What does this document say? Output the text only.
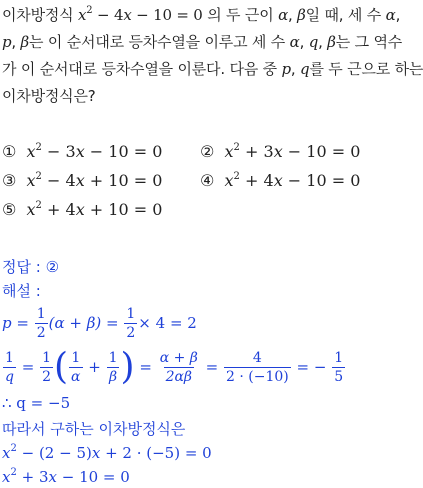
이차방정식 $x^2 - 4x - 10 = 0$ 의 두 근이 α, β일 때, 세 수 α,
p, β는 이 순서대로 등차수열을 이루고 세 수 α, q, β는 그 역수
가 이 순서대로 등차수열을 이룬다. 다음 중 p, q를 두 근으로 하는
이차방정식은?
① $x^2 - 3x - 10 = 0$ ② $x^2 + 3x - 10 = 0$
③ $x^2 - 4x + 10 = 0$ ④ $x^2 + 4x - 10 = 0$
⑤ $x^2 + 4x + 10 = 0$
정답 : ②
해설 :
$p = \frac{1}{2} (\alpha + \beta) = \frac{1}{2} \times 4 = 2$
$\frac{1}{q} = \frac{1}{2}$ ( $\frac{1}{\alpha} + \frac{1}{\beta}$ ) = $\frac{\alpha + \beta}{2\alpha\beta} = \frac{4}{2 \cdot (-10)}$ = − $\frac{1}{5}$
∴ q = −5
따라서 구하는 이차방정식은
$x^2 - (2 - 5)x + 2 \cdot (-5) = 0$
$x^2 + 3x - 10 = 0$
